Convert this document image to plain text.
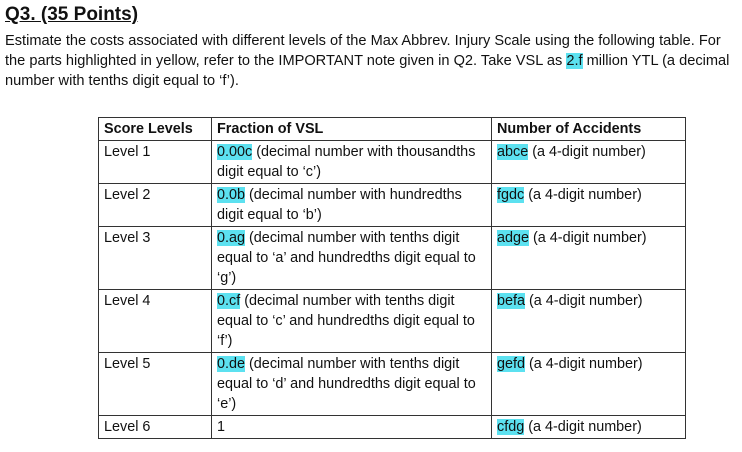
Q3. (35 Points)
Estimate the costs associated with different levels of the Max Abbrev. Injury Scale using the following table. For the parts highlighted in yellow, refer to the IMPORTANT note given in Q2. Take VSL as 2.f million YTL (a decimal number with tenths digit equal to ‘f’).
Score Levels	Fraction of VSL	Number of Accidents
Level 1	0.00c (decimal number with thousandths digit equal to ‘c’)	abce (a 4-digit number)
Level 2	0.0b (decimal number with hundredths digit equal to ‘b’)	fgdc (a 4-digit number)
Level 3	0.ag (decimal number with tenths digit equal to ‘a’ and hundredths digit equal to ‘g’)	adge (a 4-digit number)
Level 4	0.cf (decimal number with tenths digit equal to ‘c’ and hundredths digit equal to ‘f’)	befa (a 4-digit number)
Level 5	0.de (decimal number with tenths digit equal to ‘d’ and hundredths digit equal to ‘e’)	gefd (a 4-digit number)
Level 6	1	cfdg (a 4-digit number)
